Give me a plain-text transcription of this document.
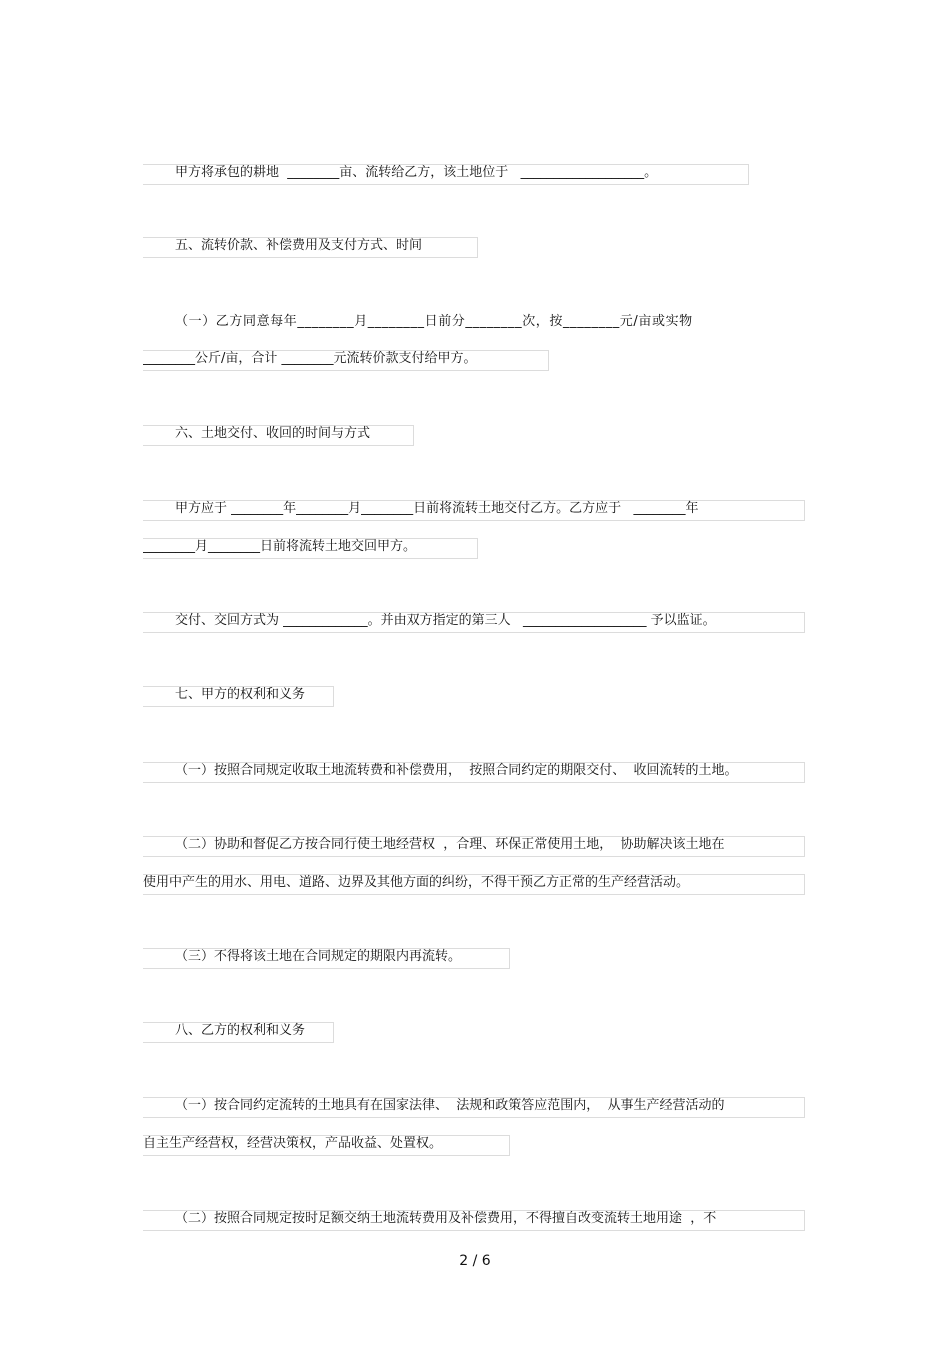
甲方将承包的耕地  ________亩、流转给乙方，该土地位于   ___________________。
五、流转价款、补偿费用及支付方式、时间
（一）乙方同意每年________月________日前分________次，按________元/亩或实物
________公斤/亩，合计 ________元流转价款支付给甲方。
六、土地交付、收回的时间与方式
甲方应于 ________年________月________日前将流转土地交付乙方。乙方应于   ________年
________月________日前将流转土地交回甲方。
交付、交回方式为 _____________。并由双方指定的第三人   ___________________ 予以监证。
七、甲方的权利和义务
（一）按照合同规定收取土地流转费和补偿费用，  按照合同约定的期限交付、  收回流转的土地。
（二）协助和督促乙方按合同行使土地经营权  ，合理、环保正常使用土地，  协助解决该土地在
使用中产生的用水、用电、道路、边界及其他方面的纠纷，不得干预乙方正常的生产经营活动。
（三）不得将该土地在合同规定的期限内再流转。
八、乙方的权利和义务
（一）按合同约定流转的土地具有在国家法律、  法规和政策答应范围内，  从事生产经营活动的
自主生产经营权，经营决策权，产品收益、处置权。
（二）按照合同规定按时足额交纳土地流转费用及补偿费用，不得擅自改变流转土地用途  ，不
2 / 6
